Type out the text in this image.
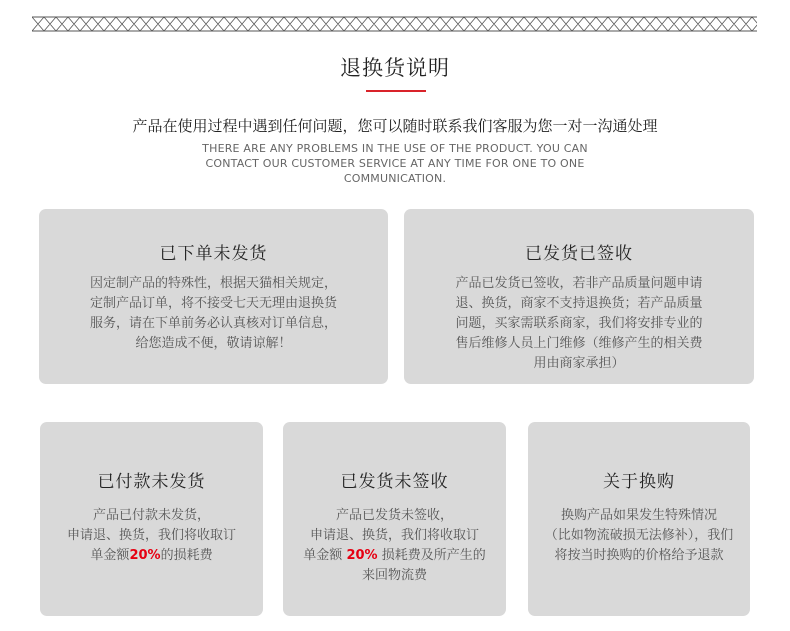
退换货说明
产品在使用过程中遇到任何问题，您可以随时联系我们客服为您一对一沟通处理
THERE ARE ANY PROBLEMS IN THE USE OF THE PRODUCT. YOU CAN CONTACT OUR CUSTOMER SERVICE AT ANY TIME FOR ONE TO ONE COMMUNICATION.
已下单未发货
因定制产品的特殊性，根据天猫相关规定，
定制产品订单，将不接受七天无理由退换货
服务，请在下单前务必认真核对订单信息，
给您造成不便，敬请谅解！
已发货已签收
产品已发货已签收，若非产品质量问题申请
退、换货，商家不支持退换货；若产品质量
问题，买家需联系商家，我们将安排专业的
售后维修人员上门维修（维修产生的相关费
用由商家承担）
已付款未发货
产品已付款未发货，
申请退、换货，我们将收取订
单金额20%的损耗费
已发货未签收
产品已发货未签收，
申请退、换货，我们将收取订
单金额 20% 损耗费及所产生的
来回物流费
关于换购
换购产品如果发生特殊情况
（比如物流破损无法修补），我们
将按当时换购的价格给予退款
